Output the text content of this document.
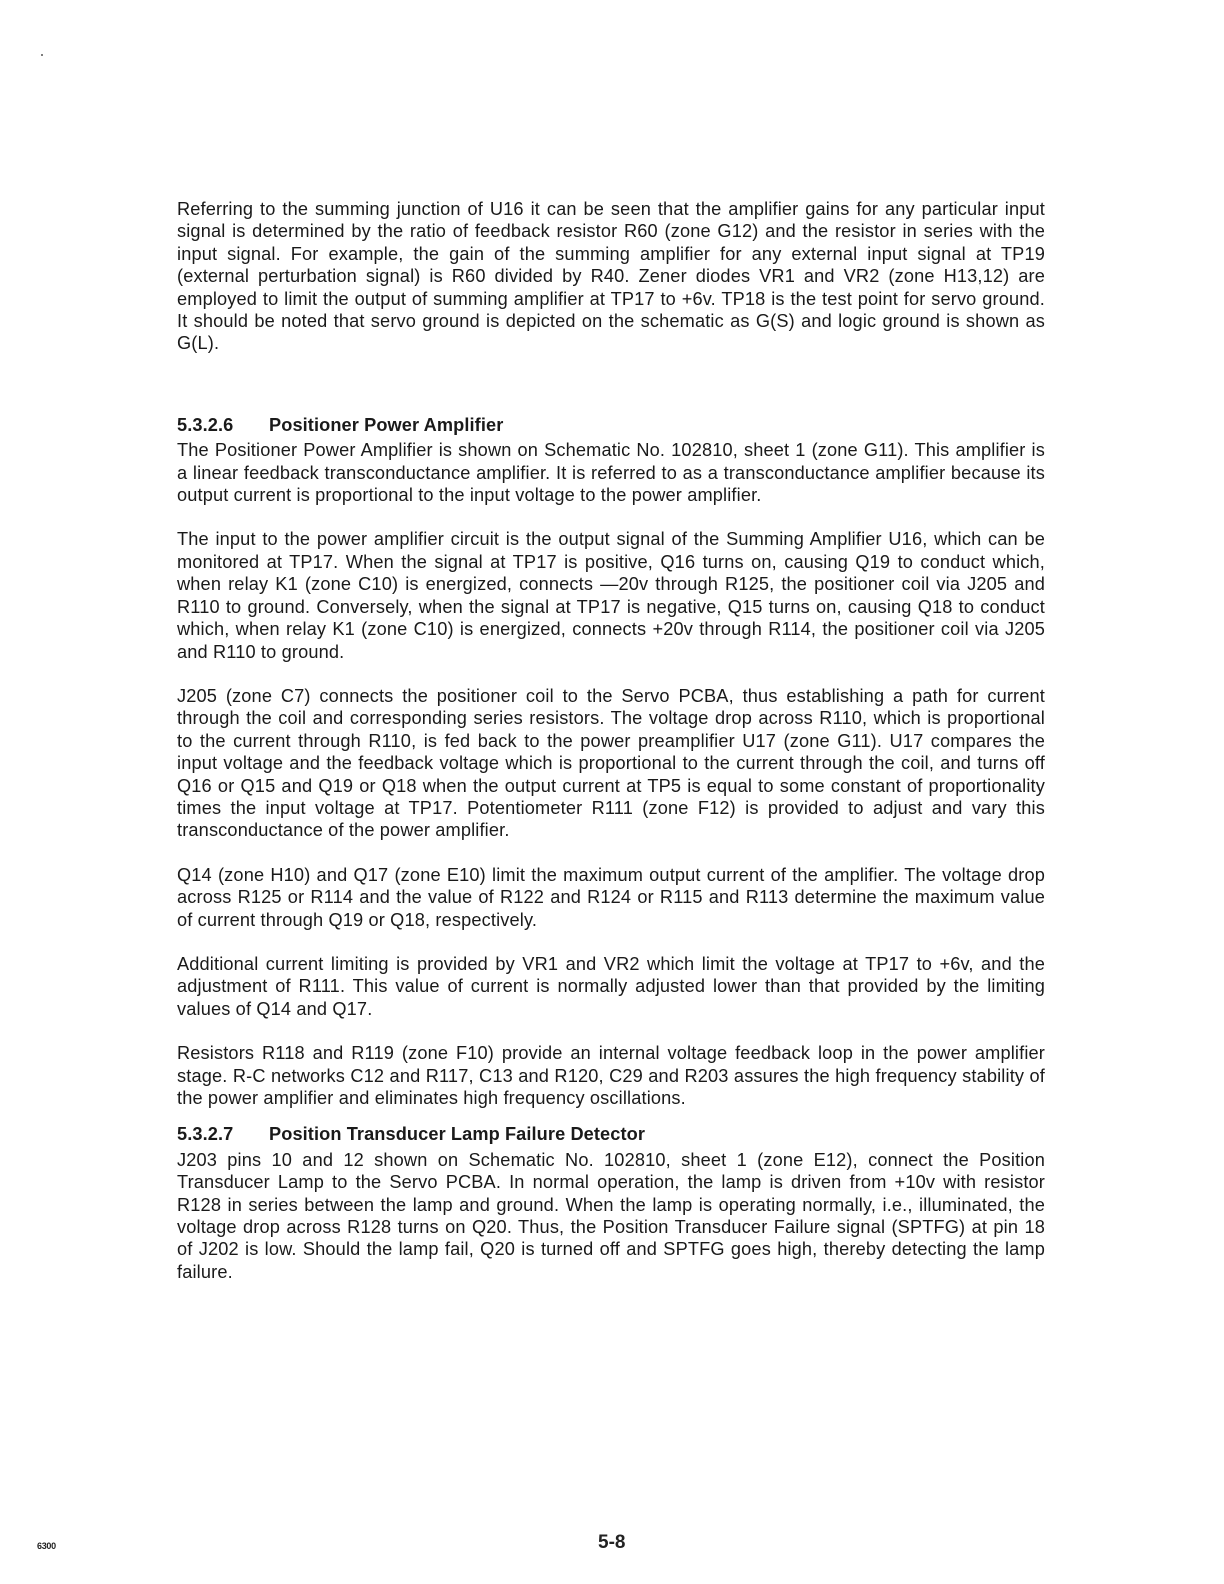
Referring to the summing junction of U16 it can be seen that the amplifier gains for any particular input signal is determined by the ratio of feedback resistor R60 (zone G12) and the resistor in series with the input signal. For example, the gain of the summing amplifier for any external input signal at TP19 (external perturbation signal) is R60 divided by R40. Zener diodes VR1 and VR2 (zone H13,12) are employed to limit the output of summing amplifier at TP17 to +6v. TP18 is the test point for servo ground. It should be noted that servo ground is depicted on the schematic as G(S) and logic ground is shown as G(L).

5.3.2.6 Positioner Power Amplifier

The Positioner Power Amplifier is shown on Schematic No. 102810, sheet 1 (zone G11). This amplifier is a linear feedback transconductance amplifier. It is referred to as a transconductance amplifier because its output current is proportional to the input voltage to the power amplifier.

The input to the power amplifier circuit is the output signal of the Summing Amplifier U16, which can be monitored at TP17. When the signal at TP17 is positive, Q16 turns on, causing Q19 to conduct which, when relay K1 (zone C10) is energized, connects —20v through R125, the positioner coil via J205 and R110 to ground. Conversely, when the signal at TP17 is negative, Q15 turns on, causing Q18 to conduct which, when relay K1 (zone C10) is energized, connects +20v through R114, the positioner coil via J205 and R110 to ground.

J205 (zone C7) connects the positioner coil to the Servo PCBA, thus establishing a path for current through the coil and corresponding series resistors. The voltage drop across R110, which is proportional to the current through R110, is fed back to the power preamplifier U17 (zone G11). U17 compares the input voltage and the feedback voltage which is proportional to the current through the coil, and turns off Q16 or Q15 and Q19 or Q18 when the output current at TP5 is equal to some constant of proportionality times the input voltage at TP17. Potentiometer R111 (zone F12) is provided to adjust and vary this transconductance of the power amplifier.

Q14 (zone H10) and Q17 (zone E10) limit the maximum output current of the amplifier. The voltage drop across R125 or R114 and the value of R122 and R124 or R115 and R113 determine the maximum value of current through Q19 or Q18, respectively.

Additional current limiting is provided by VR1 and VR2 which limit the voltage at TP17 to +6v, and the adjustment of R111. This value of current is normally adjusted lower than that provided by the limiting values of Q14 and Q17.

Resistors R118 and R119 (zone F10) provide an internal voltage feedback loop in the power amplifier stage. R-C networks C12 and R117, C13 and R120, C29 and R203 assures the high frequency stability of the power amplifier and eliminates high frequency oscillations.

5.3.2.7 Position Transducer Lamp Failure Detector

J203 pins 10 and 12 shown on Schematic No. 102810, sheet 1 (zone E12), connect the Position Transducer Lamp to the Servo PCBA. In normal operation, the lamp is driven from +10v with resistor R128 in series between the lamp and ground. When the lamp is operating normally, i.e., illuminated, the voltage drop across R128 turns on Q20. Thus, the Position Transducer Failure signal (SPTFG) at pin 18 of J202 is low. Should the lamp fail, Q20 is turned off and SPTFG goes high, thereby detecting the lamp failure.

6300	5-8
